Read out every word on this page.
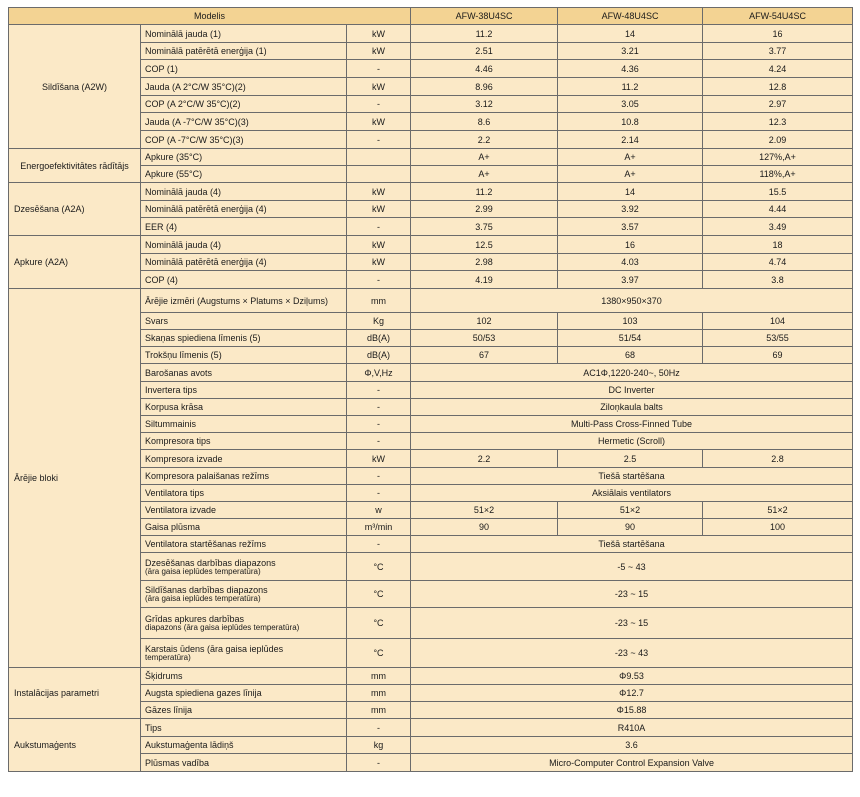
Modelis			AFW-38U4SC	AFW-48U4SC	AFW-54U4SC
Sildīšana (A2W)	Nominālā jauda (1)	kW	11.2	14	16
	Nominālā patērētā enerģija (1)	kW	2.51	3.21	3.77
	COP (1)	-	4.46	4.36	4.24
	Jauda (A 2°C/W 35°C)(2)	kW	8.96	11.2	12.8
	COP (A 2°C/W 35°C)(2)	-	3.12	3.05	2.97
	Jauda (A -7°C/W 35°C)(3)	kW	8.6	10.8	12.3
	COP (A -7°C/W 35°C)(3)	-	2.2	2.14	2.09
Energoefektivitātes rādītājs	Apkure (35°C)		A+	A+	127%,A+
	Apkure (55°C)		A+	A+	118%,A+
Dzesēšana (A2A)	Nominālā jauda (4)	kW	11.2	14	15.5
	Nominālā patērētā enerģija (4)	kW	2.99	3.92	4.44
	EER (4)	-	3.75	3.57	3.49
Apkure (A2A)	Nominālā jauda (4)	kW	12.5	16	18
	Nominālā patērētā enerģija (4)	kW	2.98	4.03	4.74
	COP (4)	-	4.19	3.97	3.8
Ārējie bloki	Ārējie izmēri (Augstums × Platums × Dziļums)	mm	1380×950×370		
	Svars	Kg	102	103	104
	Skaņas spiediena līmenis (5)	dB(A)	50/53	51/54	53/55
	Trokšņu līmenis (5)	dB(A)	67	68	69
	Barošanas avots	Φ,V,Hz	AC1Φ,1220-240~, 50Hz		
	Invertera tips	-	DC Inverter		
	Korpusa krāsa	-	Ziloņkaula balts		
	Siltummainis	-	Multi-Pass Cross-Finned Tube		
	Kompresora tips	-	Hermetic (Scroll)		
	Kompresora izvade	kW	2.2	2.5	2.8
	Kompresora palaišanas režīms	-	Tiešā startēšana		
	Ventilatora tips	-	Aksiālais ventilators		
	Ventilatora izvade	w	51×2	51×2	51×2
	Gaisa plūsma	m³/min	90	90	100
	Ventilatora startēšanas režīms	-	Tiešā startēšana		

	Dzesēšanas darbības diapazons
(āra gaisa ieplūdes temperatūra)	°C	-5 ~ 43		

	Sildīšanas darbības diapazons
(āra gaisa ieplūdes temperatūra)	°C	-23 ~ 15		

	Grīdas apkures darbības
diapazons (āra gaisa ieplūdes temperatūra)	°C	-23 ~ 15		

	Karstais ūdens (āra gaisa ieplūdes
temperatūra)	°C	-23 ~ 43		
Instalācijas parametri	Šķidrums	mm	Φ9.53		
	Augsta spiediena gazes līnija	mm	Φ12.7		
	Gāzes līnija	mm	Φ15.88		
Aukstumaģents	Tips	-	R410A		
	Aukstumaģenta lādiņš	kg	3.6		
	Plūsmas vadība	-	Micro-Computer Control Expansion Valve		
